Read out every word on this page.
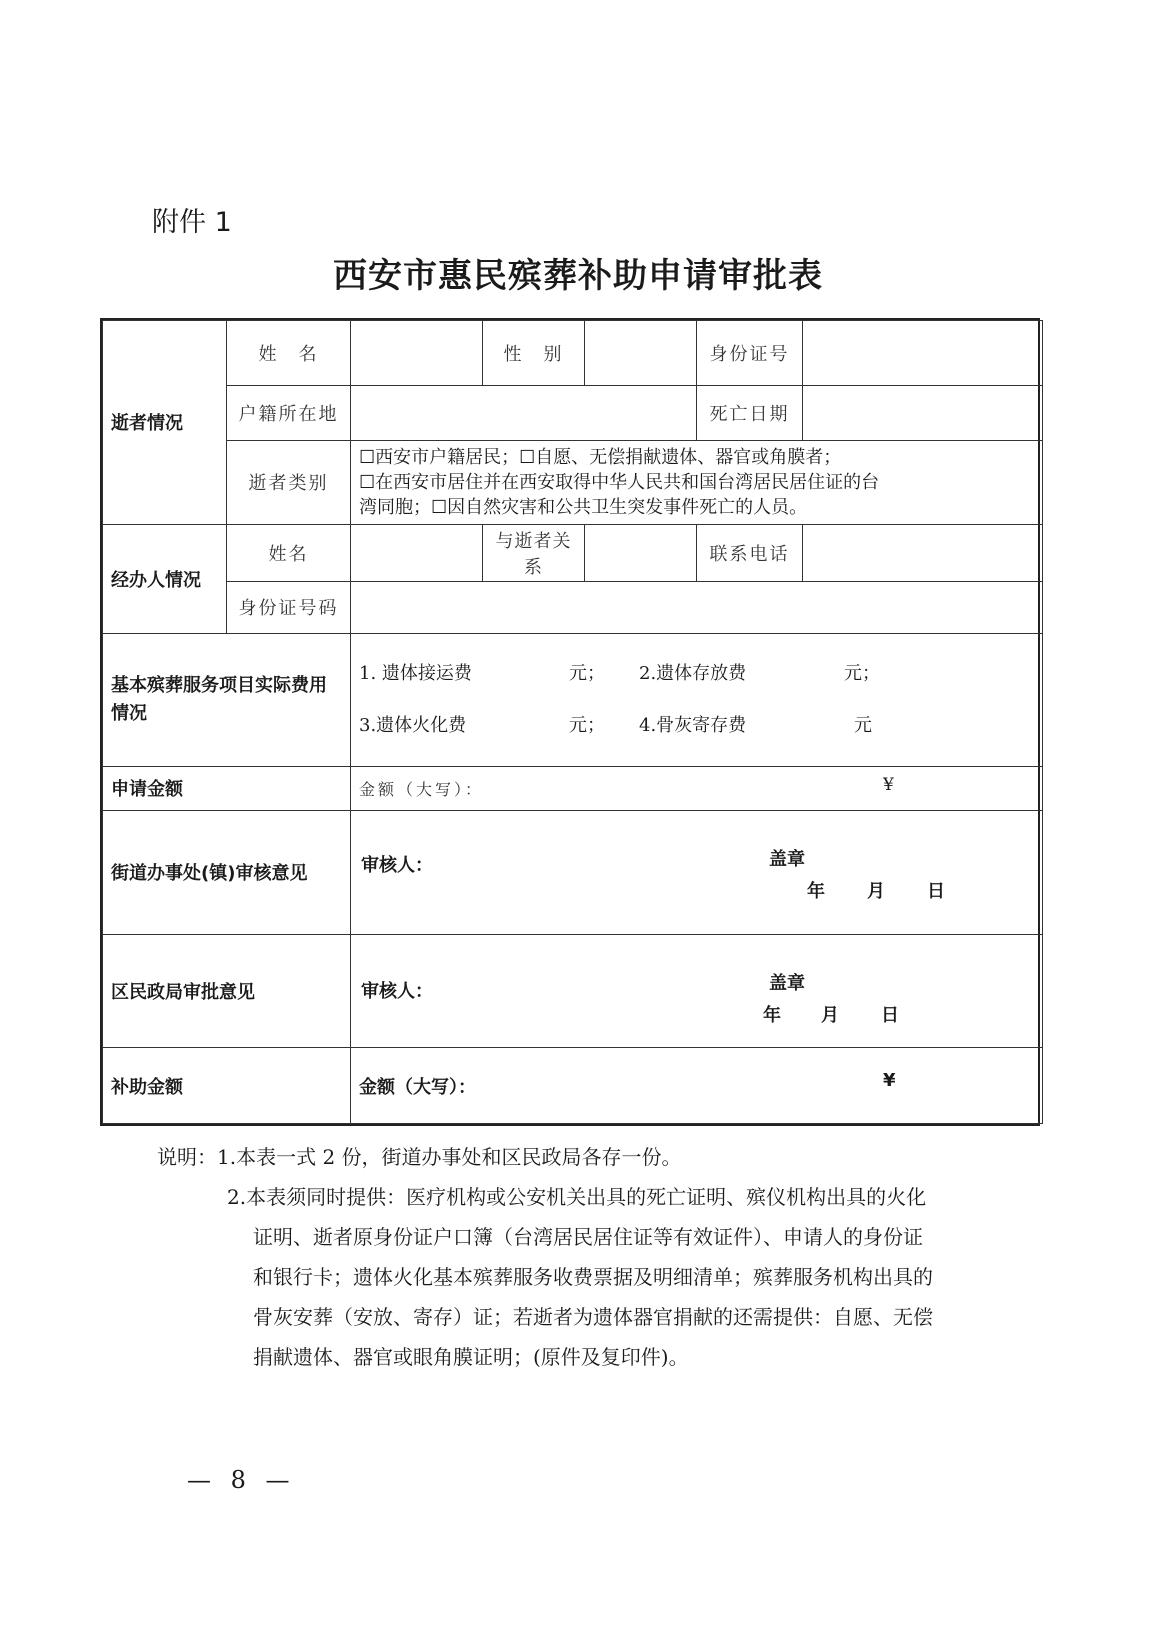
附件 1
西安市惠民殡葬补助申请审批表
逝者情况	姓　名		性　别		身份证号	
	户籍所在地				死亡日期	
	逝者类别	☐西安市户籍居民；☐自愿、无偿捐献遗体、器官或角膜者；
☐在西安市居住并在西安取得中华人民共和国台湾居民居住证的台
湾同胞；☐因自然灾害和公共卫生突发事件死亡的人员。				

经办人情况	姓名		与逝者关系		联系电话	
	身份证号码					
基本殡葬服务项目实际费用情况		1. 遗体接运费 元； 2.遗体存放费 元；
3.遗体火化费 元； 4.骨灰寄存费 元				

申请金额		金额（大写）： ¥				

街道办事处(镇)审核意见		审核人： 盖章
年 月 日				

区民政局审批意见		审核人： 盖章
年 月 日				

补助金额		金额（大写）： ¥				
说明：1.本表一式 2 份，街道办事处和区民政局各存一份。
2.本表须同时提供：医疗机构或公安机关出具的死亡证明、殡仪机构出具的火化
证明、逝者原身份证户口簿（台湾居民居住证等有效证件）、申请人的身份证
和银行卡；遗体火化基本殡葬服务收费票据及明细清单；殡葬服务机构出具的
骨灰安葬（安放、寄存）证；若逝者为遗体器官捐献的还需提供：自愿、无偿
捐献遗体、器官或眼角膜证明；(原件及复印件)。
— 8 —
